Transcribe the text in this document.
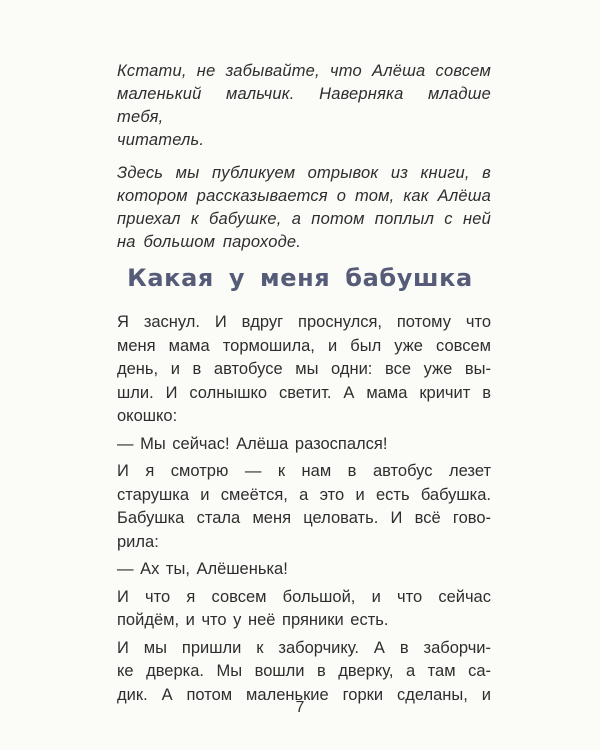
Кстати, не забывайте, что Алёша совсем
маленький мальчик. Наверняка младше тебя,
читатель.

Здесь мы публикуем отрывок из книги, в
котором рассказывается о том, как Алёша
приехал к бабушке, а потом поплыл с ней
на большом пароходе.

Какая у меня бабушка

Я заснул. И вдруг проснулся, потому что
меня мама тормошила, и был уже совсем
день, и в автобусе мы одни: все уже вы-
шли. И солнышко светит. А мама кричит в
окошко:

— Мы сейчас! Алёша разоспался!

И я смотрю — к нам в автобус лезет
старушка и смеётся, а это и есть бабушка.
Бабушка стала меня целовать. И всё гово-
рила:

— Ах ты, Алёшенька!

И что я совсем большой, и что сейчас
пойдём, и что у неё пряники есть.

И мы пришли к заборчику. А в заборчи-
ке дверка. Мы вошли в дверку, а там са-
дик. А потом маленькие горки сделаны, и

7
